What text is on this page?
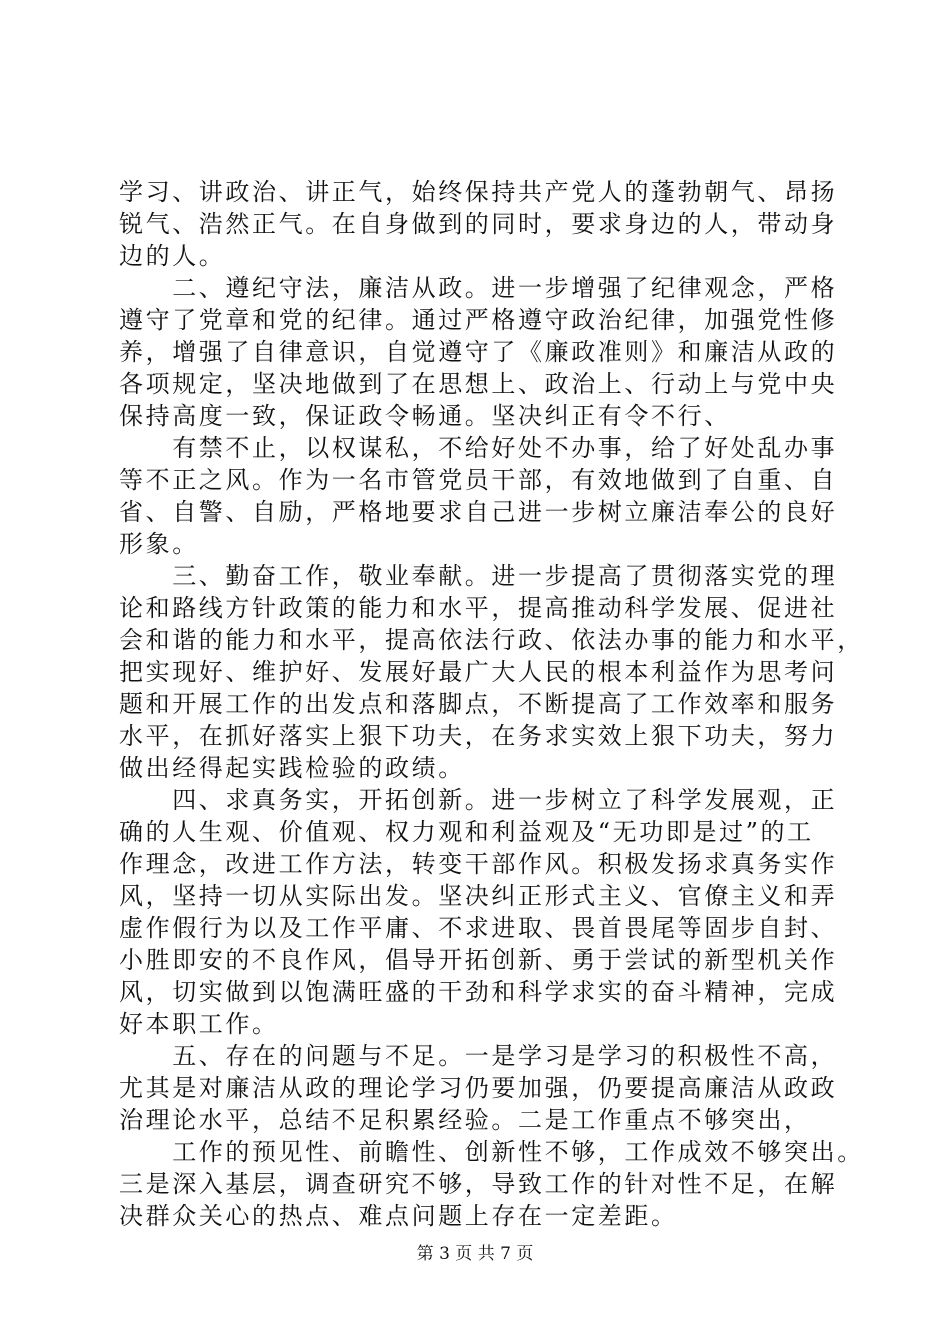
学习、讲政治、讲正气，始终保持共产党人的蓬勃朝气、昂扬
锐气、浩然正气。在自身做到的同时，要求身边的人，带动身
边的人。
　　二、遵纪守法，廉洁从政。进一步增强了纪律观念，严格
遵守了党章和党的纪律。通过严格遵守政治纪律，加强党性修
养，增强了自律意识，自觉遵守了《廉政准则》和廉洁从政的
各项规定，坚决地做到了在思想上、政治上、行动上与党中央
保持高度一致，保证政令畅通。坚决纠正有令不行、
　　有禁不止，以权谋私，不给好处不办事，给了好处乱办事
等不正之风。作为一名市管党员干部，有效地做到了自重、自
省、自警、自励，严格地要求自己进一步树立廉洁奉公的良好
形象。
　　三、勤奋工作，敬业奉献。进一步提高了贯彻落实党的理
论和路线方针政策的能力和水平，提高推动科学发展、促进社
会和谐的能力和水平，提高依法行政、依法办事的能力和水平，
把实现好、维护好、发展好最广大人民的根本利益作为思考问
题和开展工作的出发点和落脚点，不断提高了工作效率和服务
水平，在抓好落实上狠下功夫，在务求实效上狠下功夫，努力
做出经得起实践检验的政绩。
　　四、求真务实，开拓创新。进一步树立了科学发展观，正
确的人生观、价值观、权力观和利益观及“无功即是过”的工
作理念，改进工作方法，转变干部作风。积极发扬求真务实作
风，坚持一切从实际出发。坚决纠正形式主义、官僚主义和弄
虚作假行为以及工作平庸、不求进取、畏首畏尾等固步自封、
小胜即安的不良作风，倡导开拓创新、勇于尝试的新型机关作
风，切实做到以饱满旺盛的干劲和科学求实的奋斗精神，完成
好本职工作。
　　五、存在的问题与不足。一是学习是学习的积极性不高，
尤其是对廉洁从政的理论学习仍要加强，仍要提高廉洁从政政
治理论水平，总结不足积累经验。二是工作重点不够突出，
　　工作的预见性、前瞻性、创新性不够，工作成效不够突出。
三是深入基层，调查研究不够，导致工作的针对性不足，在解
决群众关心的热点、难点问题上存在一定差距。
第 3 页 共 7 页
